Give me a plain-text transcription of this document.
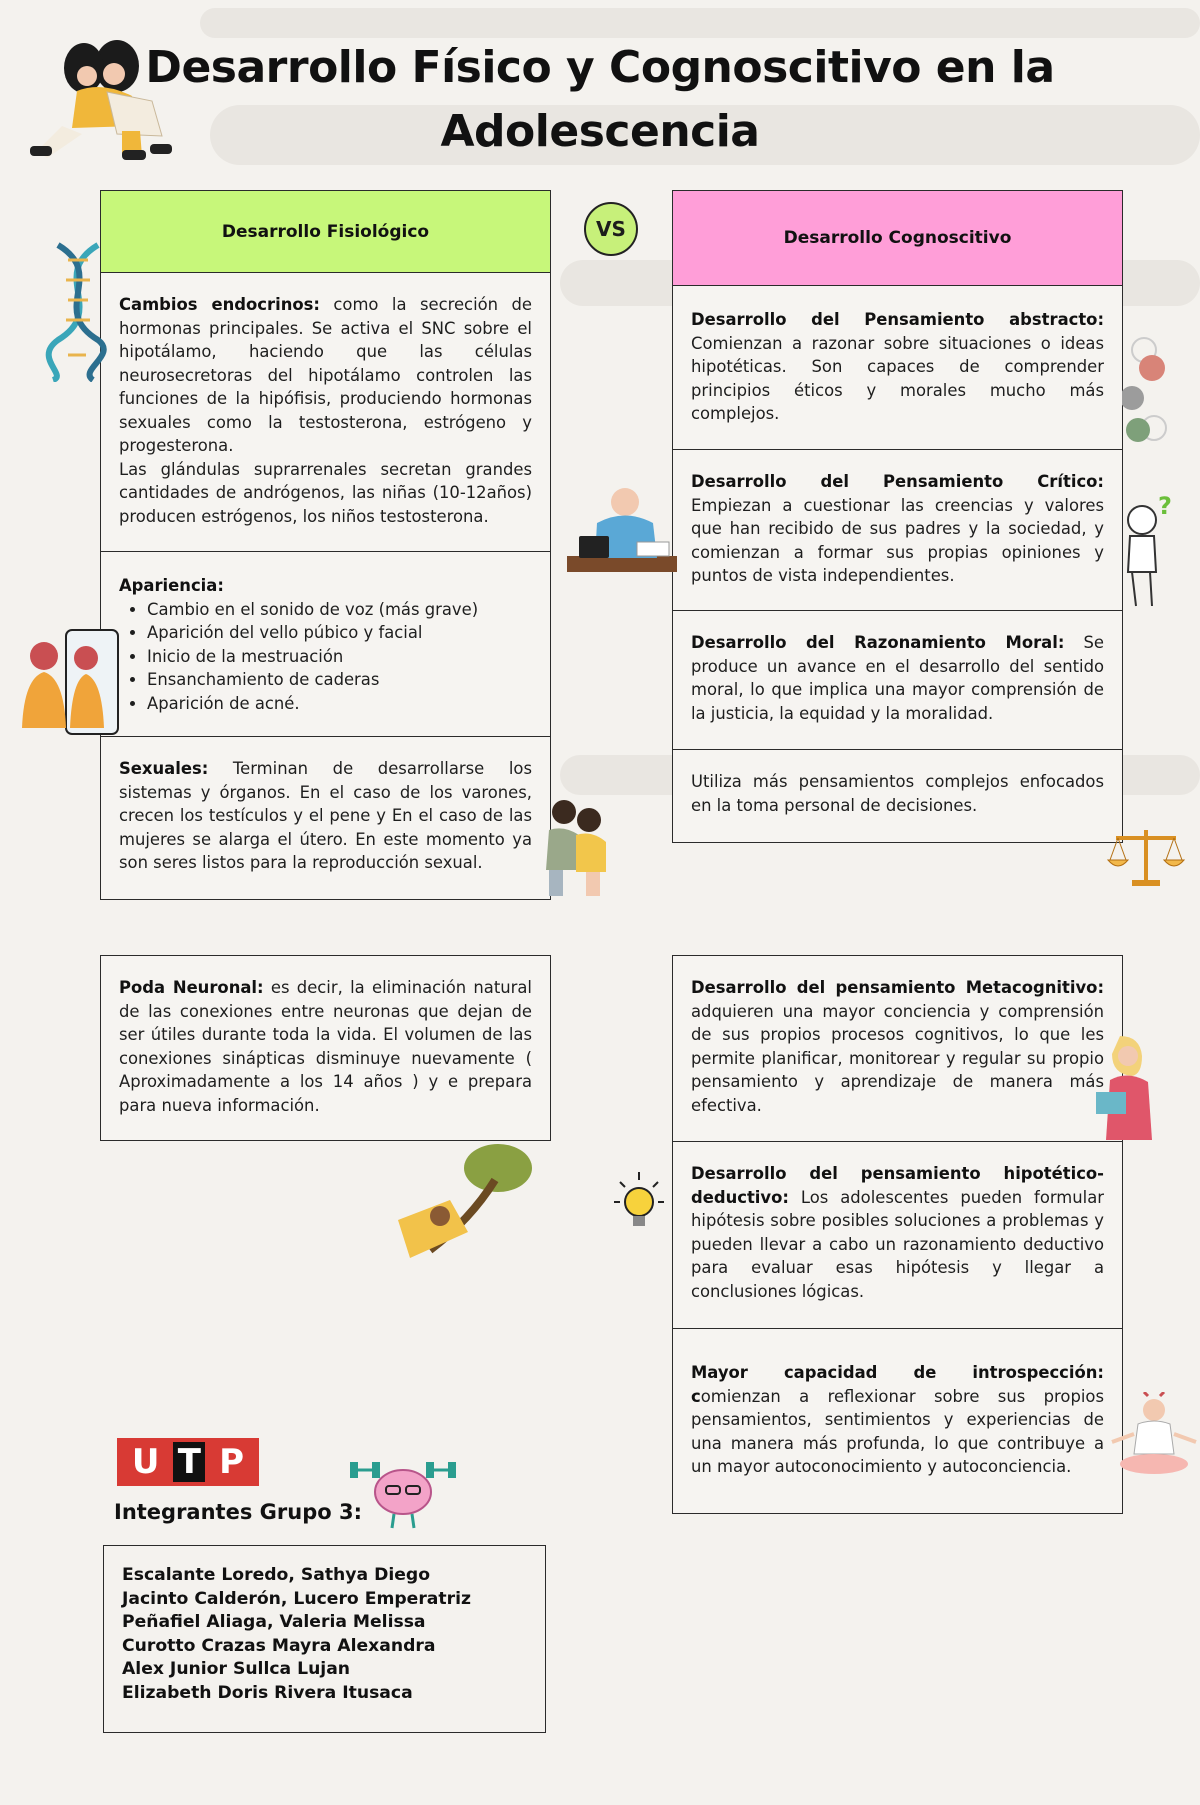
Desarrollo Físico y Cognoscitivo en la
Adolescencia
Desarrollo Fisiológico	VS	Desarrollo Cognoscitivo
Cambios endocrinos: como la secreción de hormonas principales. Se activa el SNC sobre el hipotálamo, haciendo que las células neurosecretoras del hipotálamo controlen las funciones de la hipófisis, produciendo hormonas sexuales como la testosterona, estrógeno y progesterona.
Las glándulas suprarrenales secretan grandes cantidades de andrógenos, las niñas (10-12años) producen estrógenos, los niños testosterona.
Apariencia:
• Cambio en el sonido de voz (más grave)
• Aparición del vello púbico y facial
• Inicio de la mestruación
• Ensanchamiento de caderas
• Aparición de acné.
Sexuales: Terminan de desarrollarse los sistemas y órganos. En el caso de los varones, crecen los testículos y el pene y En el caso de las mujeres se alarga el útero. En este momento ya son seres listos para la reproducción sexual.
Poda Neuronal: es decir, la eliminación natural de las conexiones entre neuronas que dejan de ser útiles durante toda la vida. El volumen de las conexiones sinápticas disminuye nuevamente ( Aproximadamente a los 14 años ) y e prepara para nueva información.
Desarrollo del Pensamiento abstracto: Comienzan a razonar sobre situaciones o ideas hipotéticas. Son capaces de comprender principios éticos y morales mucho más complejos.
Desarrollo del Pensamiento Crítico: Empiezan a cuestionar las creencias y valores que han recibido de sus padres y la sociedad, y comienzan a formar sus propias opiniones y puntos de vista independientes.
Desarrollo del Razonamiento Moral: Se produce un avance en el desarrollo del sentido moral, lo que implica una mayor comprensión de la justicia, la equidad y la moralidad.
Utiliza más pensamientos complejos enfocados en la toma personal de decisiones.
Desarrollo del pensamiento Metacognitivo: adquieren una mayor conciencia y comprensión de sus propios procesos cognitivos, lo que les permite planificar, monitorear y regular su propio pensamiento y aprendizaje de manera más efectiva.
Desarrollo del pensamiento hipotético-deductivo: Los adolescentes pueden formular hipótesis sobre posibles soluciones a problemas y pueden llevar a cabo un razonamiento deductivo para evaluar esas hipótesis y llegar a conclusiones lógicas.
Mayor capacidad de introspección: comienzan a reflexionar sobre sus propios pensamientos, sentimientos y experiencias de una manera más profunda, lo que contribuye a un mayor autoconocimiento y autoconciencia.
?
U T P
Integrantes Grupo 3:
Escalante Loredo, Sathya Diego
Jacinto Calderón, Lucero Emperatriz
Peñafiel Aliaga, Valeria Melissa
Curotto Crazas Mayra Alexandra
Alex Junior Sullca Lujan
Elizabeth Doris Rivera Itusaca
